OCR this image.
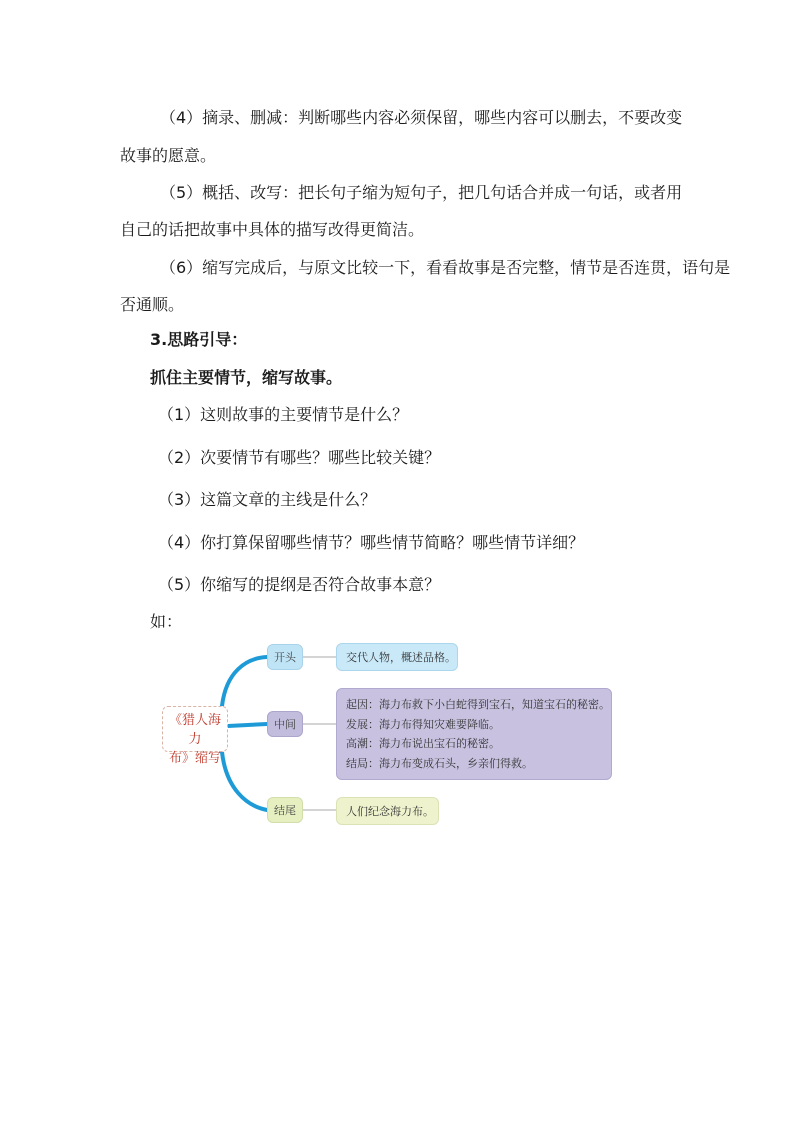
（4）摘录、删减：判断哪些内容必须保留，哪些内容可以删去，不要改变
故事的愿意。
（5）概括、改写：把长句子缩为短句子，把几句话合并成一句话，或者用
自己的话把故事中具体的描写改得更简洁。
（6）缩写完成后，与原文比较一下，看看故事是否完整，情节是否连贯，语句是
否通顺。
3.思路引导：
抓住主要情节，缩写故事。
（1）这则故事的主要情节是什么？
（2）次要情节有哪些？哪些比较关键？
（3）这篇文章的主线是什么？
（4）你打算保留哪些情节？哪些情节简略？哪些情节详细？
（5）你缩写的提纲是否符合故事本意？
如：
《猎人海力
布》缩写
开头
中间
结尾
交代人物，概述品格。
起因：海力布救下小白蛇得到宝石，知道宝石的秘密。
发展：海力布得知灾难要降临。
高潮：海力布说出宝石的秘密。
结局：海力布变成石头，乡亲们得救。
人们纪念海力布。
